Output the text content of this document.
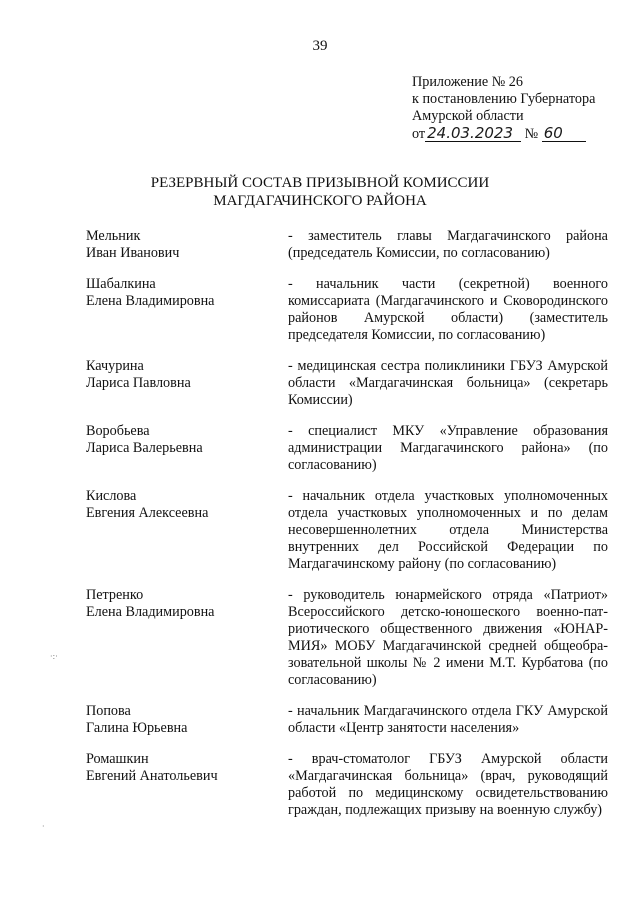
39
Приложение № 26
к постановлению Губернатора
Амурской области
от 24.03.2023 № 60
РЕЗЕРВНЫЙ СОСТАВ ПРИЗЫВНОЙ КОМИССИИ
МАГДАГАЧИНСКОГО РАЙОНА
Мельник
Иван Иванович
- заместитель главы Магдагачинского района (председатель Комиссии, по согласованию)
Шабалкина
Елена Владимировна
- начальник части (секретной) военного комиссариата (Магдагачинского и Сковородинского районов Амурской области) (заместитель председателя Комиссии, по согласованию)
Качурина
Лариса Павловна
- медицинская сестра поликлиники ГБУЗ Амурской области «Магдагачинская больница» (секретарь Комиссии)
Воробьева
Лариса Валерьевна
- специалист МКУ «Управление образования администрации Магдагачинского района» (по согласованию)
Кислова
Евгения Алексеевна
- начальник отдела участковых уполномоченных отдела участковых уполномоченных и по делам несовершеннолетних отдела Министерства внутренних дел Российской Федерации по Магдагачинскому району (по согласованию)
Петренко
Елена Владимировна
- руководитель юнармейского отряда «Патриот» Всероссийского детско-юношеского военно-патриотического общественного движения «ЮНАРМИЯ» МОБУ Магдагачинской средней общеобразовательной школы № 2 имени М.Т. Курбатова (по согласованию)
Попова
Галина Юрьевна
- начальник Магдагачинского отдела ГКУ Амурской области «Центр занятости населения»
Ромашкин
Евгений Анатольевич
- врач-стоматолог ГБУЗ Амурской области «Магдагачинская больница» (врач, руководящий работой по медицинскому освидетельствованию граждан, подлежащих призыву на военную службу)
·:·
·
